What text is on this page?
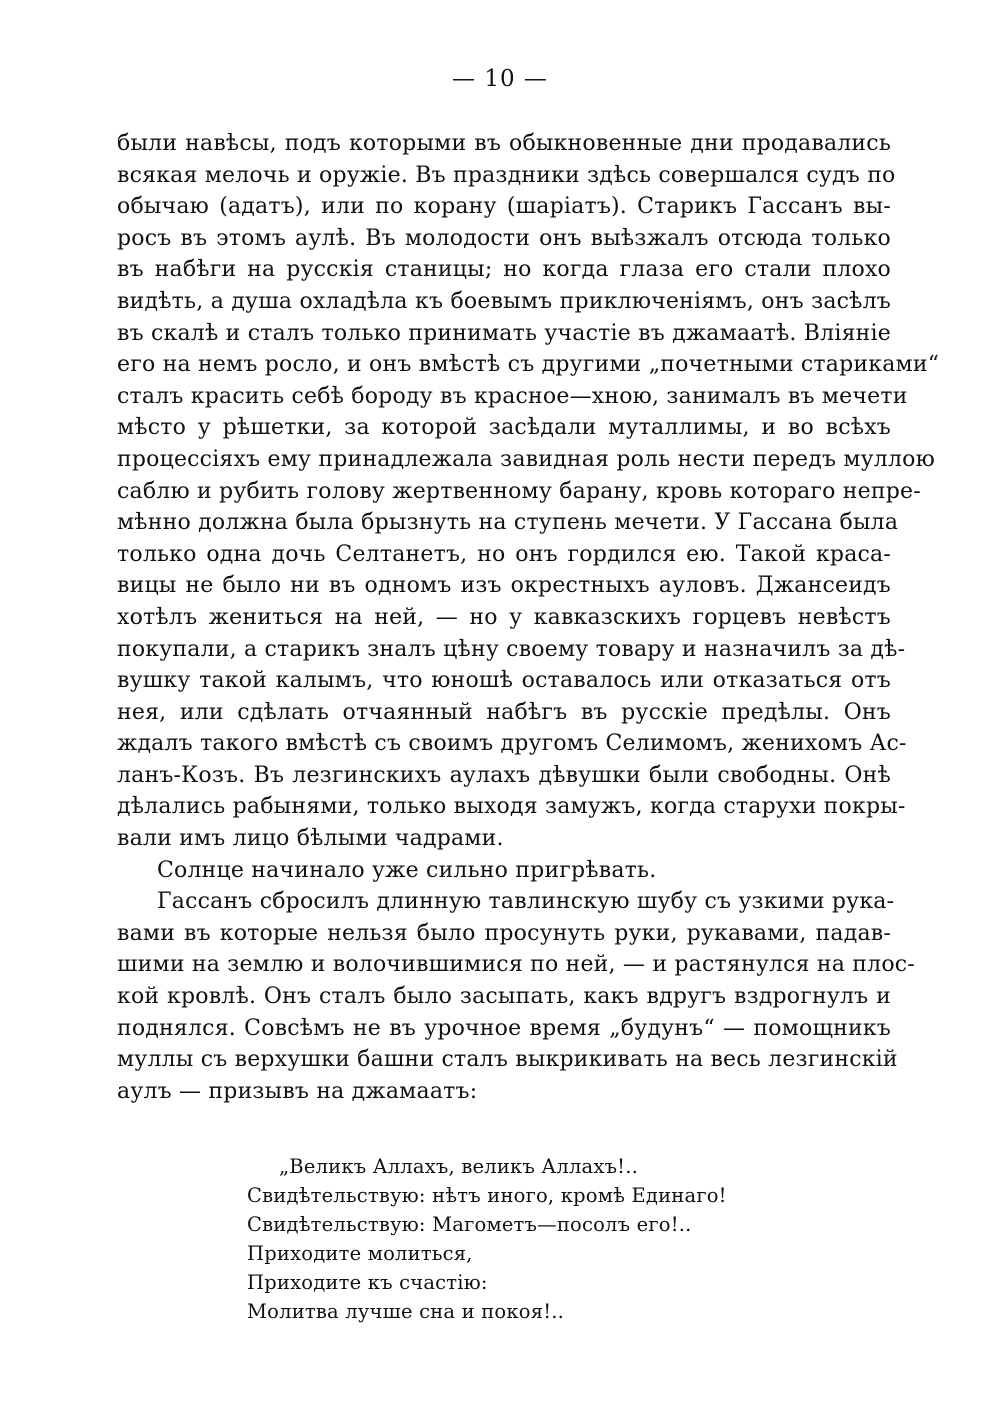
— 10 —
были навѣсы, подъ которыми въ обыкновенные дни продавались
всякая мелочь и оружіе. Въ праздники здѣсь совершался судъ по
обычаю (адатъ), или по корану (шаріатъ). Старикъ Гассанъ вы-
росъ въ этомъ аулѣ. Въ молодости онъ выѣзжалъ отсюда только
въ набѣги на русскія станицы; но когда глаза его стали плохо
видѣть, а душа охладѣла къ боевымъ приключеніямъ, онъ засѣлъ
въ скалѣ и сталъ только принимать участіе въ джамаатѣ. Вліяніе
его на немъ росло, и онъ вмѣстѣ съ другими „почетными стариками“
сталъ красить себѣ бороду въ красное—хною, занималъ въ мечети
мѣсто у рѣшетки, за которой засѣдали муталлимы, и во всѣхъ
процессіяхъ ему принадлежала завидная роль нести передъ муллою
саблю и рубить голову жертвенному барану, кровь котораго непре-
мѣнно должна была брызнуть на ступень мечети. У Гассана была
только одна дочь Селтанетъ, но онъ гордился ею. Такой краса-
вицы не было ни въ одномъ изъ окрестныхъ ауловъ. Джансеидъ
хотѣлъ жениться на ней, — но у кавказскихъ горцевъ невѣстъ
покупали, а старикъ зналъ цѣну своему товару и назначилъ за дѣ-
вушку такой калымъ, что юношѣ оставалось или отказаться отъ
нея, или сдѣлать отчаянный набѣгъ въ русскіе предѣлы. Онъ
ждалъ такого вмѣстѣ съ своимъ другомъ Селимомъ, женихомъ Ас-
ланъ-Козъ. Въ лезгинскихъ аулахъ дѣвушки были свободны. Онѣ
дѣлались рабынями, только выходя замужъ, когда старухи покры-
вали имъ лицо бѣлыми чадрами.
Солнце начинало уже сильно пригрѣвать.
Гассанъ сбросилъ длинную тавлинскую шубу съ узкими рука-
вами въ которые нельзя было просунуть руки, рукавами, падав-
шими на землю и волочившимися по ней, — и растянулся на плос-
кой кровлѣ. Онъ сталъ было засыпать, какъ вдругъ вздрогнулъ и
поднялся. Совсѣмъ не въ урочное время „будунъ“ — помощникъ
муллы съ верхушки башни сталъ выкрикивать на весь лезгинскій
аулъ — призывъ на джамаатъ:
„Великъ Аллахъ, великъ Аллахъ!..
Свидѣтельствую: нѣтъ иного, кромѣ Единаго!
Свидѣтельствую: Магометъ—посолъ его!..
Приходите молиться,
Приходите къ счастію:
Молитва лучше сна и покоя!..
